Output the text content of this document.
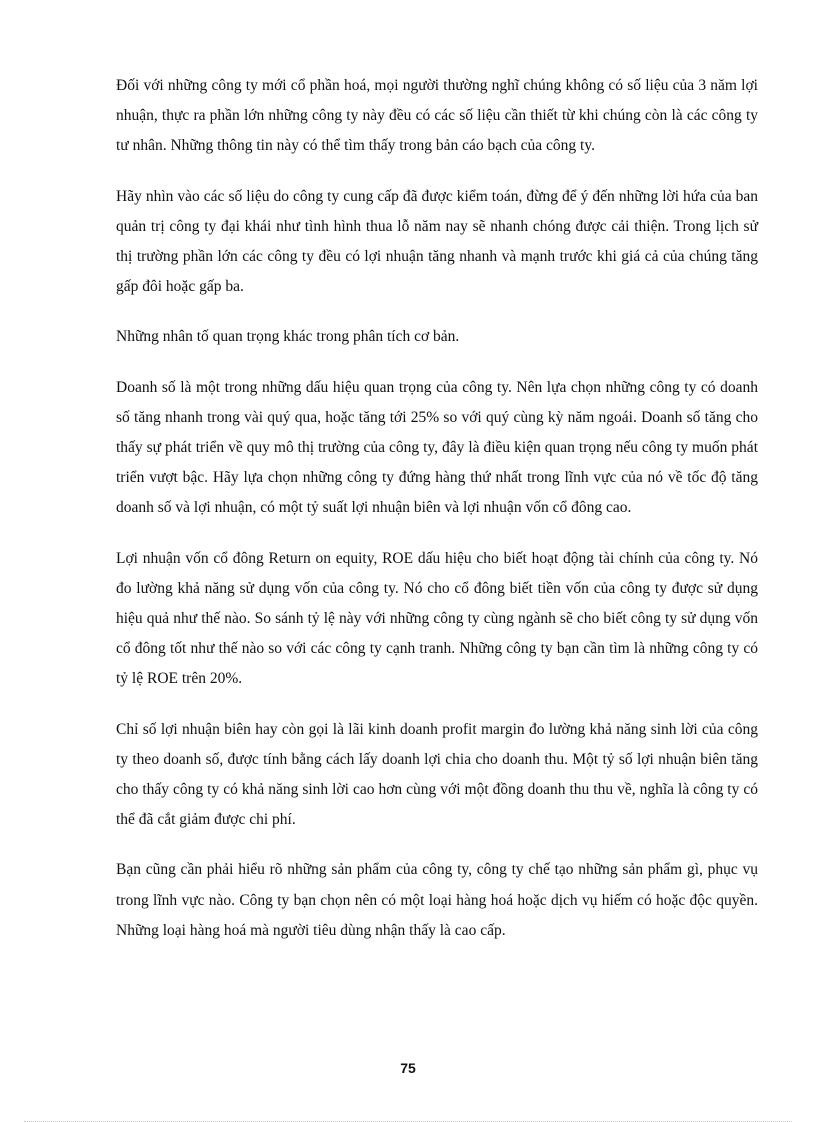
Đối với những công ty mới cổ phần hoá, mọi người thường nghĩ chúng không có số liệu của 3 năm lợi nhuận, thực ra phần lớn những công ty này đều có các số liệu cần thiết từ khi chúng còn là các công ty tư nhân. Những thông tin này có thể tìm thấy trong bản cáo bạch của công ty.

Hãy nhìn vào các số liệu do công ty cung cấp đã được kiểm toán, đừng để ý đến những lời hứa của ban quản trị công ty đại khái như tình hình thua lỗ năm nay sẽ nhanh chóng được cải thiện. Trong lịch sử thị trường phần lớn các công ty đều có lợi nhuận tăng nhanh và mạnh trước khi giá cả của chúng tăng gấp đôi hoặc gấp ba.

Những nhân tố quan trọng khác trong phân tích cơ bản.

Doanh số là một trong những dấu hiệu quan trọng của công ty. Nên lựa chọn những công ty có doanh số tăng nhanh trong vài quý qua, hoặc tăng tới 25% so với quý cùng kỳ năm ngoái. Doanh số tăng cho thấy sự phát triển về quy mô thị trường của công ty, đây là điều kiện quan trọng nếu công ty muốn phát triển vượt bậc. Hãy lựa chọn những công ty đứng hàng thứ nhất trong lĩnh vực của nó về tốc độ tăng doanh số và lợi nhuận, có một tỷ suất lợi nhuận biên và lợi nhuận vốn cổ đông cao.

Lợi nhuận vốn cổ đông Return on equity, ROE dấu hiệu cho biết hoạt động tài chính của công ty. Nó đo lường khả năng sử dụng vốn của công ty. Nó cho cổ đông biết tiền vốn của công ty được sử dụng hiệu quả như thế nào. So sánh tỷ lệ này với những công ty cùng ngành sẽ cho biết công ty sử dụng vốn cổ đông tốt như thế nào so với các công ty cạnh tranh. Những công ty bạn cần tìm là những công ty có tỷ lệ ROE trên 20%.

Chỉ số lợi nhuận biên hay còn gọi là lãi kinh doanh profit margin đo lường khả năng sinh lời của công ty theo doanh số, được tính bằng cách lấy doanh lợi chia cho doanh thu. Một tỷ số lợi nhuận biên tăng cho thấy công ty có khả năng sinh lời cao hơn cùng với một đồng doanh thu thu về, nghĩa là công ty có thể đã cắt giảm được chi phí.

Bạn cũng cần phải hiểu rõ những sản phẩm của công ty, công ty chế tạo những sản phẩm gì, phục vụ trong lĩnh vực nào. Công ty bạn chọn nên có một loại hàng hoá hoặc dịch vụ hiếm có hoặc độc quyền. Những loại hàng hoá mà người tiêu dùng nhận thấy là cao cấp.

75
